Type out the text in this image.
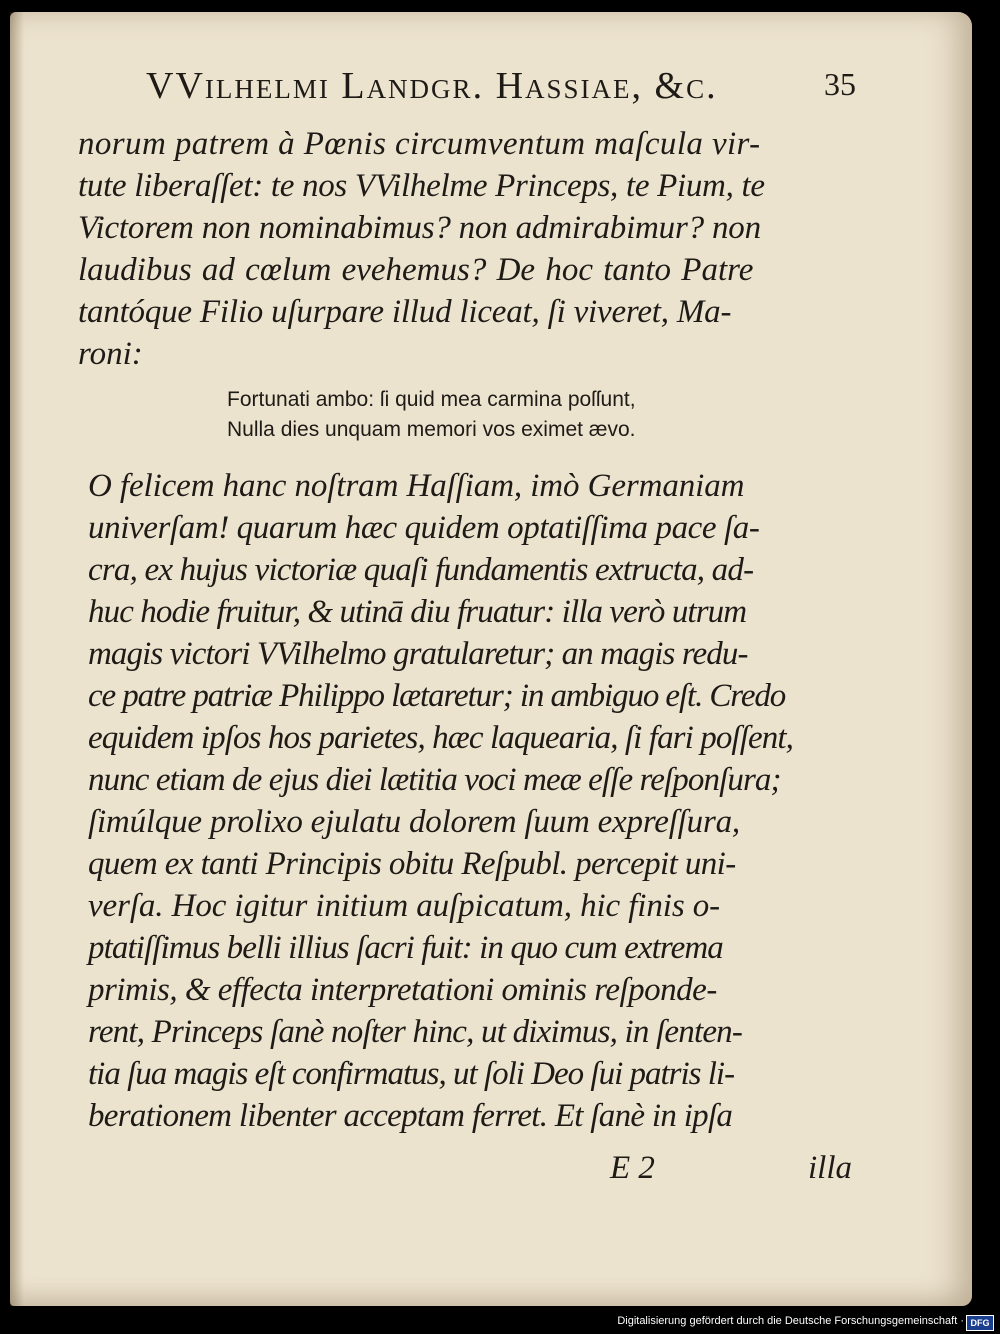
VVilhelmi Landgr. Hassiae, &c.	35
norum patrem à Pœnis circumventum maſcula vir-
tute liberaſſet: te nos VVilhelme Princeps, te Pium, te
Victorem non nominabimus? non admirabimur? non
laudibus ad cœlum evehemus? De hoc tanto Patre
tantóque Filio uſurpare illud liceat, ſi viveret, Ma-
roni:
Fortunati ambo: ſi quid mea carmina poſſunt,
Nulla dies unquam memori vos eximet ævo.
O felicem hanc noſtram Haſſiam, imò Germaniam
univerſam! quarum hæc quidem optatiſſima pace ſa-
cra, ex hujus victoriæ quaſi fundamentis extructa, ad-
huc hodie fruitur, & utinā diu fruatur: illa verò utrum
magis victori VVilhelmo gratularetur; an magis redu-
ce patre patriæ Philippo lætaretur; in ambiguo eſt. Credo
equidem ipſos hos parietes, hæc laquearia, ſi fari poſſent,
nunc etiam de ejus diei lætitia voci meæ eſſe reſponſura;
ſimúlque prolixo ejulatu dolorem ſuum expreſſura,
quem ex tanti Principis obitu Reſpubl. percepit uni-
verſa. Hoc igitur initium auſpicatum, hic finis o-
ptatiſſimus belli illius ſacri fuit: in quo cum extrema
primis, & effecta interpretationi ominis reſponde-
rent, Princeps ſanè noſter hinc, ut diximus, in ſenten-
tia ſua magis eſt confirmatus, ut ſoli Deo ſui patris li-
berationem libenter acceptam ferret. Et ſanè in ipſa
E 2	illa
Digitalisierung gefördert durch die Deutsche Forschungsgemeinschaft · DFG
